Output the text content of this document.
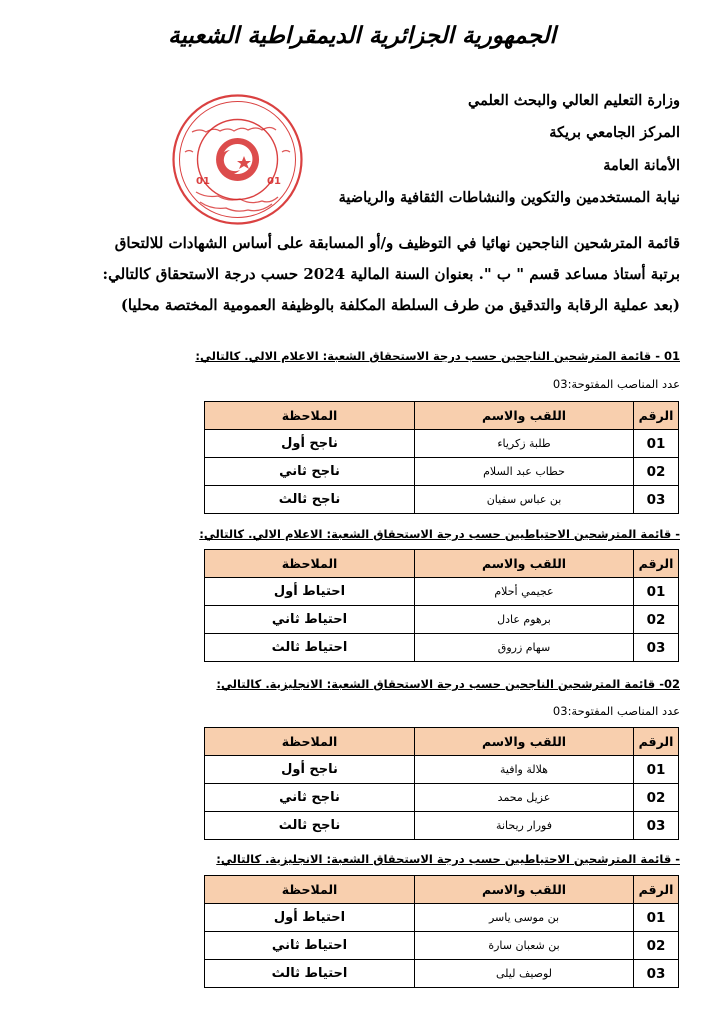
الجمهورية الجزائرية الديمقراطية الشعبية
وزارة التعليم العالي والبحث العلمي
المركز الجامعي بريكة
الأمانة العامة
نيابة المستخدمين والتكوين والنشاطات الثقافية والرياضية
01	01
قائمة المترشحين الناجحين نهائيا في التوظيف و/أو المسابقة على أساس الشهادات للالتحاق
برتبة أستاذ مساعد قسم " ب ". بعنوان السنة المالية 2024 حسب درجة الاستحقاق كالتالي:
(بعد عملية الرقابة والتدقيق من طرف السلطة المكلفة بالوظيفة العمومية المختصة محليا)
01 - قائمة المترشحين الناجحين حسب درجة الاستحقاق الشعبة: الاعلام الالي. كالتالي:
عدد المناصب المفتوحة:03
الرقم	اللقب والاسم	الملاحظة
01	طلبة زكرياء	ناجح أول
02	حطاب عبد السلام	ناجح ثاني
03	بن عباس سفيان	ناجح ثالث
- قائمة المترشحين الاحتياطيين حسب درجة الاستحقاق الشعبة: الاعلام الالي. كالتالي:
الرقم	اللقب والاسم	الملاحظة
01	عجيمي أحلام	احتياط أول
02	برهوم عادل	احتياط ثاني
03	سهام زروق	احتياط ثالث
02- قائمة المترشحين الناجحين حسب درجة الاستحقاق الشعبة: الانجليزية. كالتالي:
عدد المناصب المفتوحة:03
الرقم	اللقب والاسم	الملاحظة
01	هلالة وافية	ناجح أول
02	عزيل محمد	ناجح ثاني
03	فورار ريحانة	ناجح ثالث
- قائمة المترشحين الاحتياطيين حسب درجة الاستحقاق الشعبة: الانجليزية. كالتالي:
الرقم	اللقب والاسم	الملاحظة
01	بن موسى ياسر	احتياط أول
02	بن شعبان سارة	احتياط ثاني
03	لوصيف ليلى	احتياط ثالث
